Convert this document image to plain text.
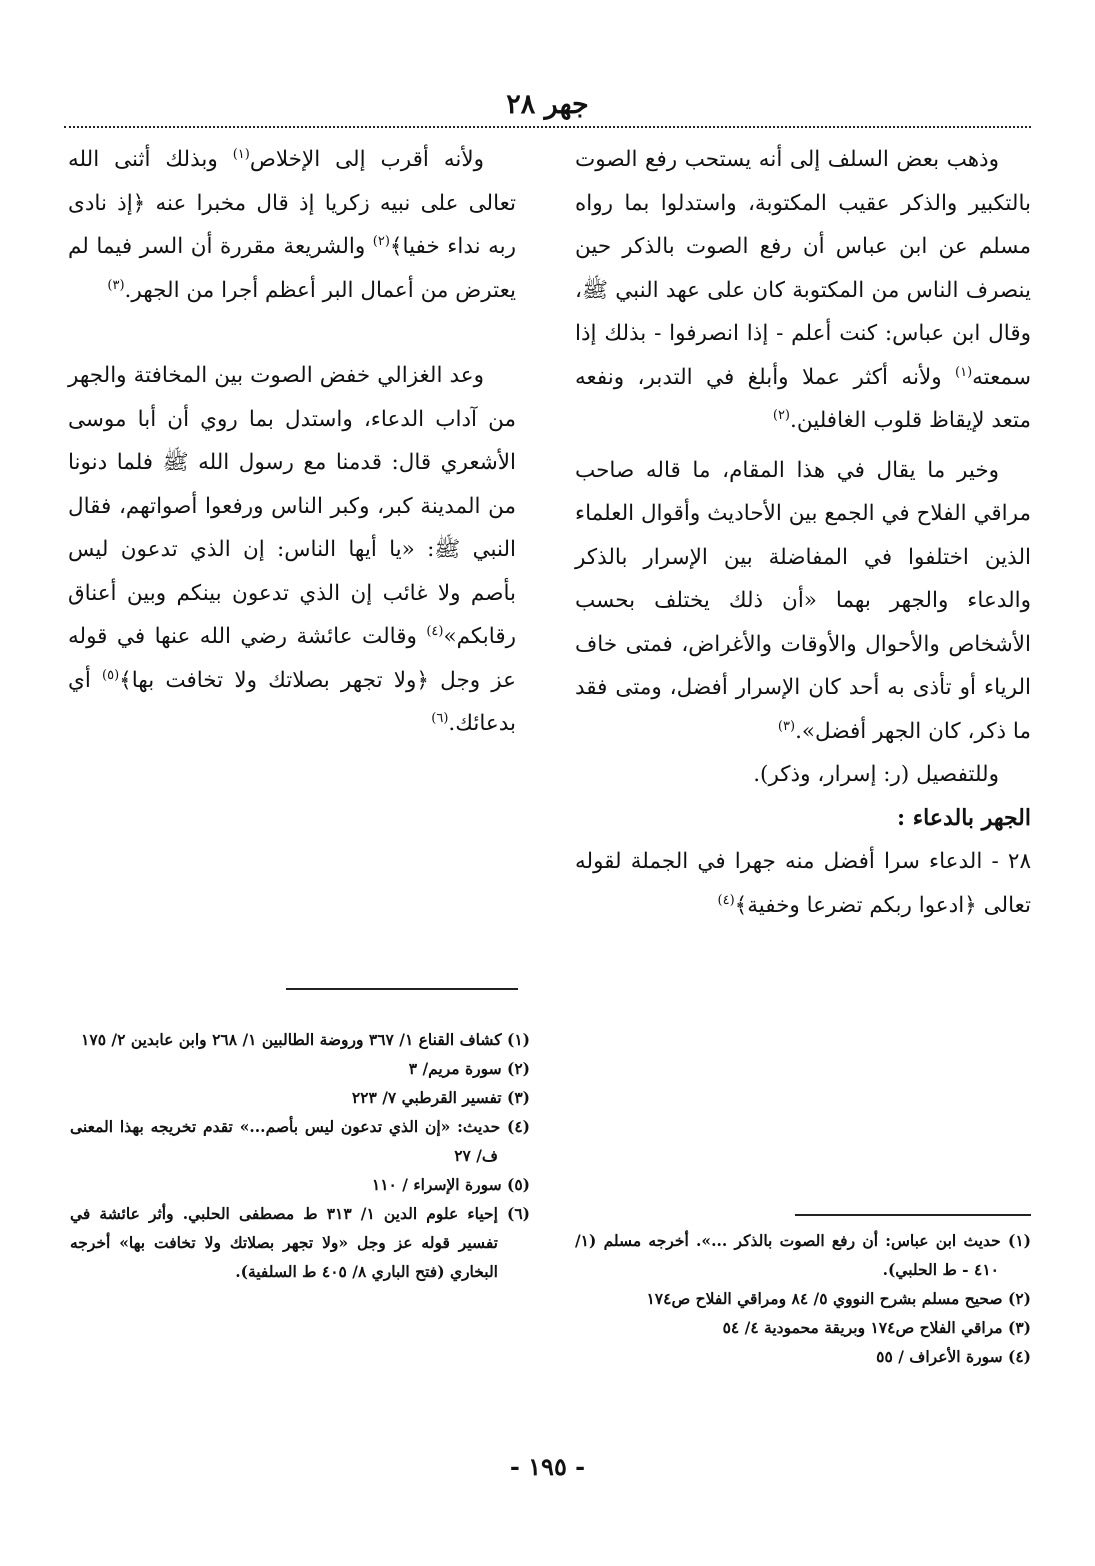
جهر ٢٨

وذهب بعض السلف إلى أنه يستحب رفع الصوت بالتكبير والذكر عقيب المكتوبة، واستدلوا بما رواه مسلم عن ابن عباس أن رفع الصوت بالذكر حين ينصرف الناس من المكتوبة كان على عهد النبي ﷺ، وقال ابن عباس: كنت أعلم - إذا انصرفوا - بذلك إذا سمعته$^{(١)}$ ولأنه أكثر عملا وأبلغ في التدبر، ونفعه متعد لإيقاظ قلوب الغافلين.$^{(٢)}$

وخير ما يقال في هذا المقام، ما قاله صاحب مراقي الفلاح في الجمع بين الأحاديث وأقوال العلماء الذين اختلفوا في المفاضلة بين الإسرار بالذكر والدعاء والجهر بهما «أن ذلك يختلف بحسب الأشخاص والأحوال والأوقات والأغراض، فمتى خاف الرياء أو تأذى به أحد كان الإسرار أفضل، ومتى فقد ما ذكر، كان الجهر أفضل».$^{(٣)}$

وللتفصيل (ر: إسرار، وذكر).

الجهر بالدعاء :

٢٨ - الدعاء سرا أفضل منه جهرا في الجملة لقوله تعالى ﴿ادعوا ربكم تضرعا وخفية﴾$^{(٤)}$

ولأنه أقرب إلى الإخلاص$^{(١)}$ وبذلك أثنى الله تعالى على نبيه زكريا إذ قال مخبرا عنه ﴿إذ نادى ربه نداء خفيا﴾$^{(٢)}$ والشريعة مقررة أن السر فيما لم يعترض من أعمال البر أعظم أجرا من الجهر.$^{(٣)}$

وعد الغزالي خفض الصوت بين المخافتة والجهر من آداب الدعاء، واستدل بما روي أن أبا موسى الأشعري قال: قدمنا مع رسول الله ﷺ فلما دنونا من المدينة كبر، وكبر الناس ورفعوا أصواتهم، فقال النبي ﷺ: «يا أيها الناس: إن الذي تدعون ليس بأصم ولا غائب إن الذي تدعون بينكم وبين أعناق رقابكم»$^{(٤)}$ وقالت عائشة رضي الله عنها في قوله عز وجل ﴿ولا تجهر بصلاتك ولا تخافت بها﴾$^{(٥)}$ أي بدعائك.$^{(٦)}$

(١) كشاف القناع ١/ ٣٦٧ وروضة الطالبين ١/ ٢٦٨ وابن عابدين ٢/ ١٧٥
(٢) سورة مريم/ ٣
(٣) تفسير القرطبي ٧/ ٢٢٣
(٤) حديث: «إن الذي تدعون ليس بأصم...» تقدم تخريجه بهذا المعنى ف/ ٢٧
(٥) سورة الإسراء / ١١٠
(٦) إحياء علوم الدين ١/ ٣١٣ ط مصطفى الحلبي. وأثر عائشة في تفسير قوله عز وجل «ولا تجهر بصلاتك ولا تخافت بها» أخرجه البخاري (فتح الباري ٨/ ٤٠٥ ط السلفية).
(١) حديث ابن عباس: أن رفع الصوت بالذكر ...». أخرجه مسلم (١/ ٤١٠ - ط الحلبي).
(٢) صحيح مسلم بشرح النووي ٥/ ٨٤ ومراقي الفلاح ص١٧٤
(٣) مراقي الفلاح ص١٧٤ وبريقة محمودية ٤/ ٥٤
(٤) سورة الأعراف / ٥٥
- ١٩٥ -
